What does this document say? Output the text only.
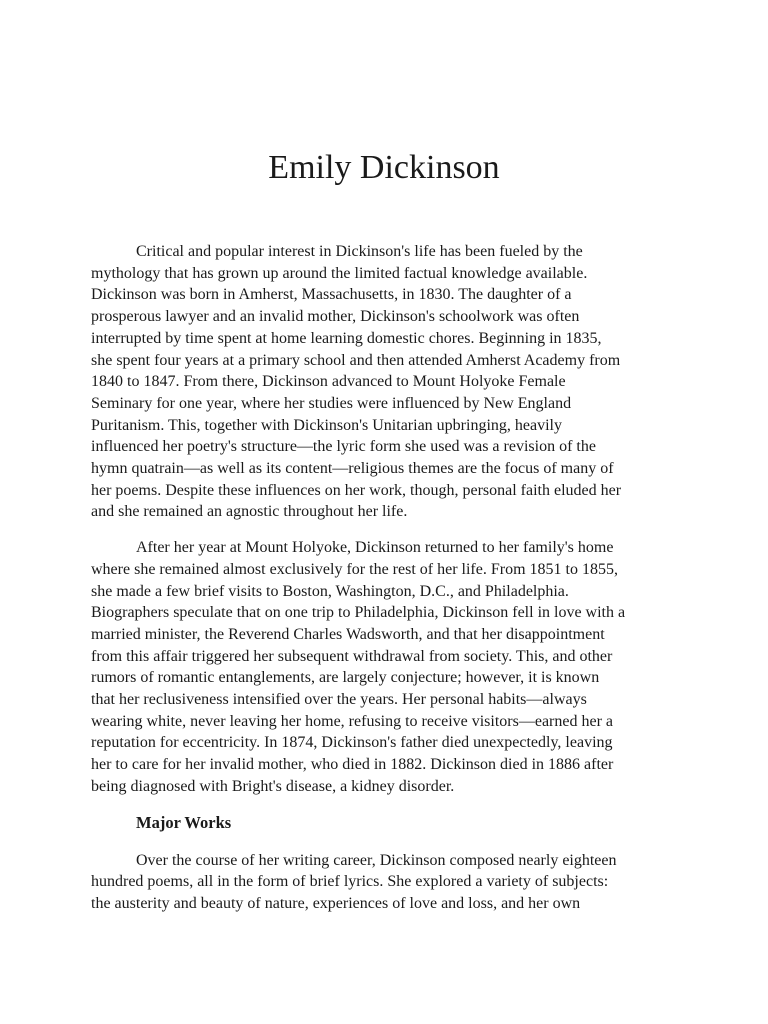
Emily Dickinson

Critical and popular interest in Dickinson's life has been fueled by the
mythology that has grown up around the limited factual knowledge available.
Dickinson was born in Amherst, Massachusetts, in 1830. The daughter of a
prosperous lawyer and an invalid mother, Dickinson's schoolwork was often
interrupted by time spent at home learning domestic chores. Beginning in 1835,
she spent four years at a primary school and then attended Amherst Academy from
1840 to 1847. From there, Dickinson advanced to Mount Holyoke Female
Seminary for one year, where her studies were influenced by New England
Puritanism. This, together with Dickinson's Unitarian upbringing, heavily
influenced her poetry's structure—the lyric form she used was a revision of the
hymn quatrain—as well as its content—religious themes are the focus of many of
her poems. Despite these influences on her work, though, personal faith eluded her
and she remained an agnostic throughout her life.

After her year at Mount Holyoke, Dickinson returned to her family's home
where she remained almost exclusively for the rest of her life. From 1851 to 1855,
she made a few brief visits to Boston, Washington, D.C., and Philadelphia.
Biographers speculate that on one trip to Philadelphia, Dickinson fell in love with a
married minister, the Reverend Charles Wadsworth, and that her disappointment
from this affair triggered her subsequent withdrawal from society. This, and other
rumors of romantic entanglements, are largely conjecture; however, it is known
that her reclusiveness intensified over the years. Her personal habits—always
wearing white, never leaving her home, refusing to receive visitors—earned her a
reputation for eccentricity. In 1874, Dickinson's father died unexpectedly, leaving
her to care for her invalid mother, who died in 1882. Dickinson died in 1886 after
being diagnosed with Bright's disease, a kidney disorder.

Major Works

Over the course of her writing career, Dickinson composed nearly eighteen
hundred poems, all in the form of brief lyrics. She explored a variety of subjects:
the austerity and beauty of nature, experiences of love and loss, and her own
